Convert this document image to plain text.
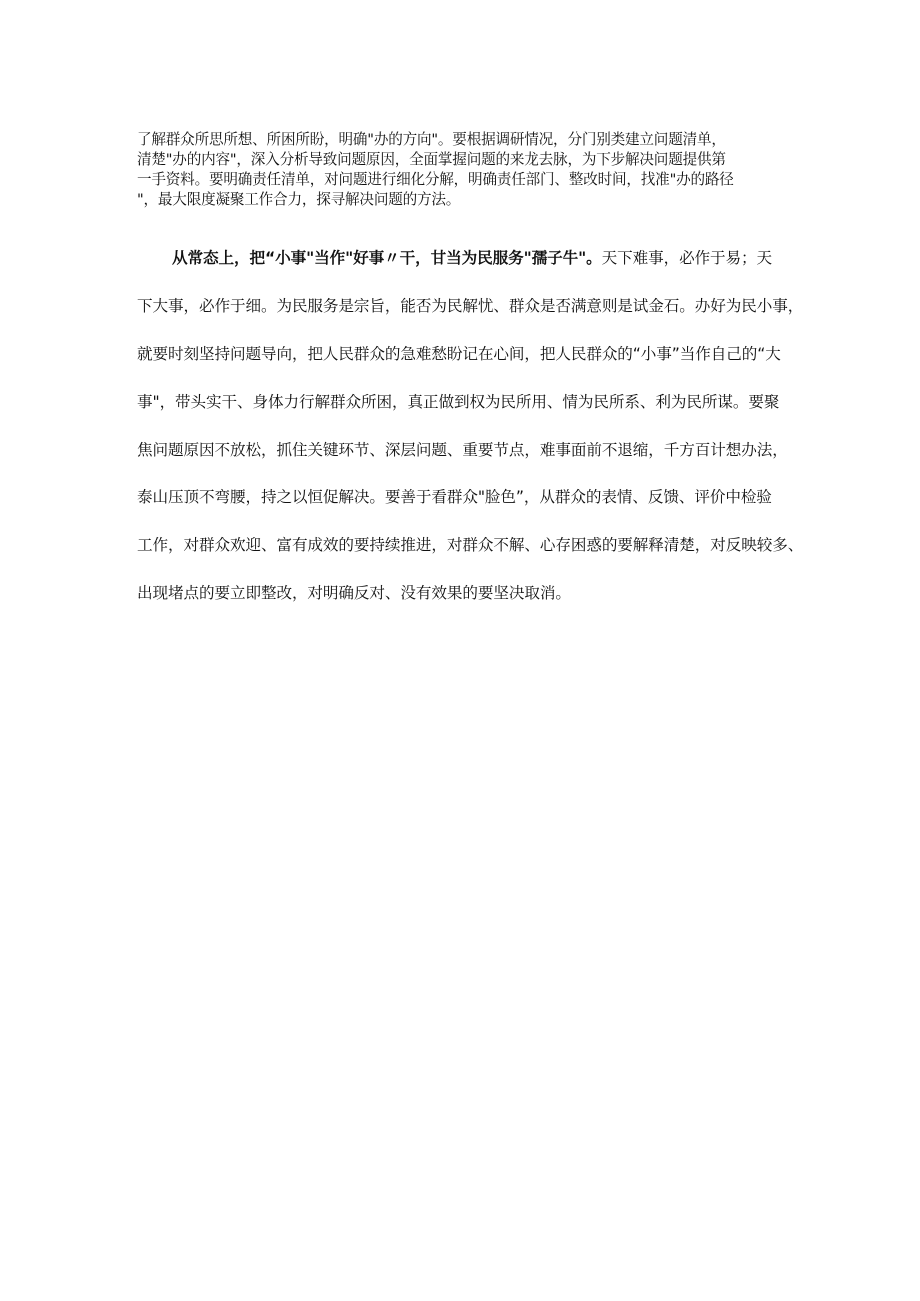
了解群众所思所想、所困所盼，明确"办的方向"。要根据调研情况，分门别类建立问题清单，
清楚"办的内容"，深入分析导致问题原因，全面掌握问题的来龙去脉，为下步解决问题提供第
一手资料。要明确责任清单，对问题进行细化分解，明确责任部门、整改时间，找准"办的路径
"，最大限度凝聚工作合力，探寻解决问题的方法。
从常态上，把“小事"当作"好事〃干，甘当为民服务"孺子牛"。天下难事，必作于易；天
下大事，必作于细。为民服务是宗旨，能否为民解忧、群众是否满意则是试金石。办好为民小事，
就要时刻坚持问题导向，把人民群众的急难愁盼记在心间，把人民群众的“小事”当作自己的“大
事"，带头实干、身体力行解群众所困，真正做到权为民所用、情为民所系、利为民所谋。要聚
焦问题原因不放松，抓住关键环节、深层问题、重要节点，难事面前不退缩，千方百计想办法，
泰山压顶不弯腰，持之以恒促解决。要善于看群众"脸色”，从群众的表情、反馈、评价中检验
工作，对群众欢迎、富有成效的要持续推进，对群众不解、心存困惑的要解释清楚，对反映较多、
出现堵点的要立即整改，对明确反对、没有效果的要坚决取消。
